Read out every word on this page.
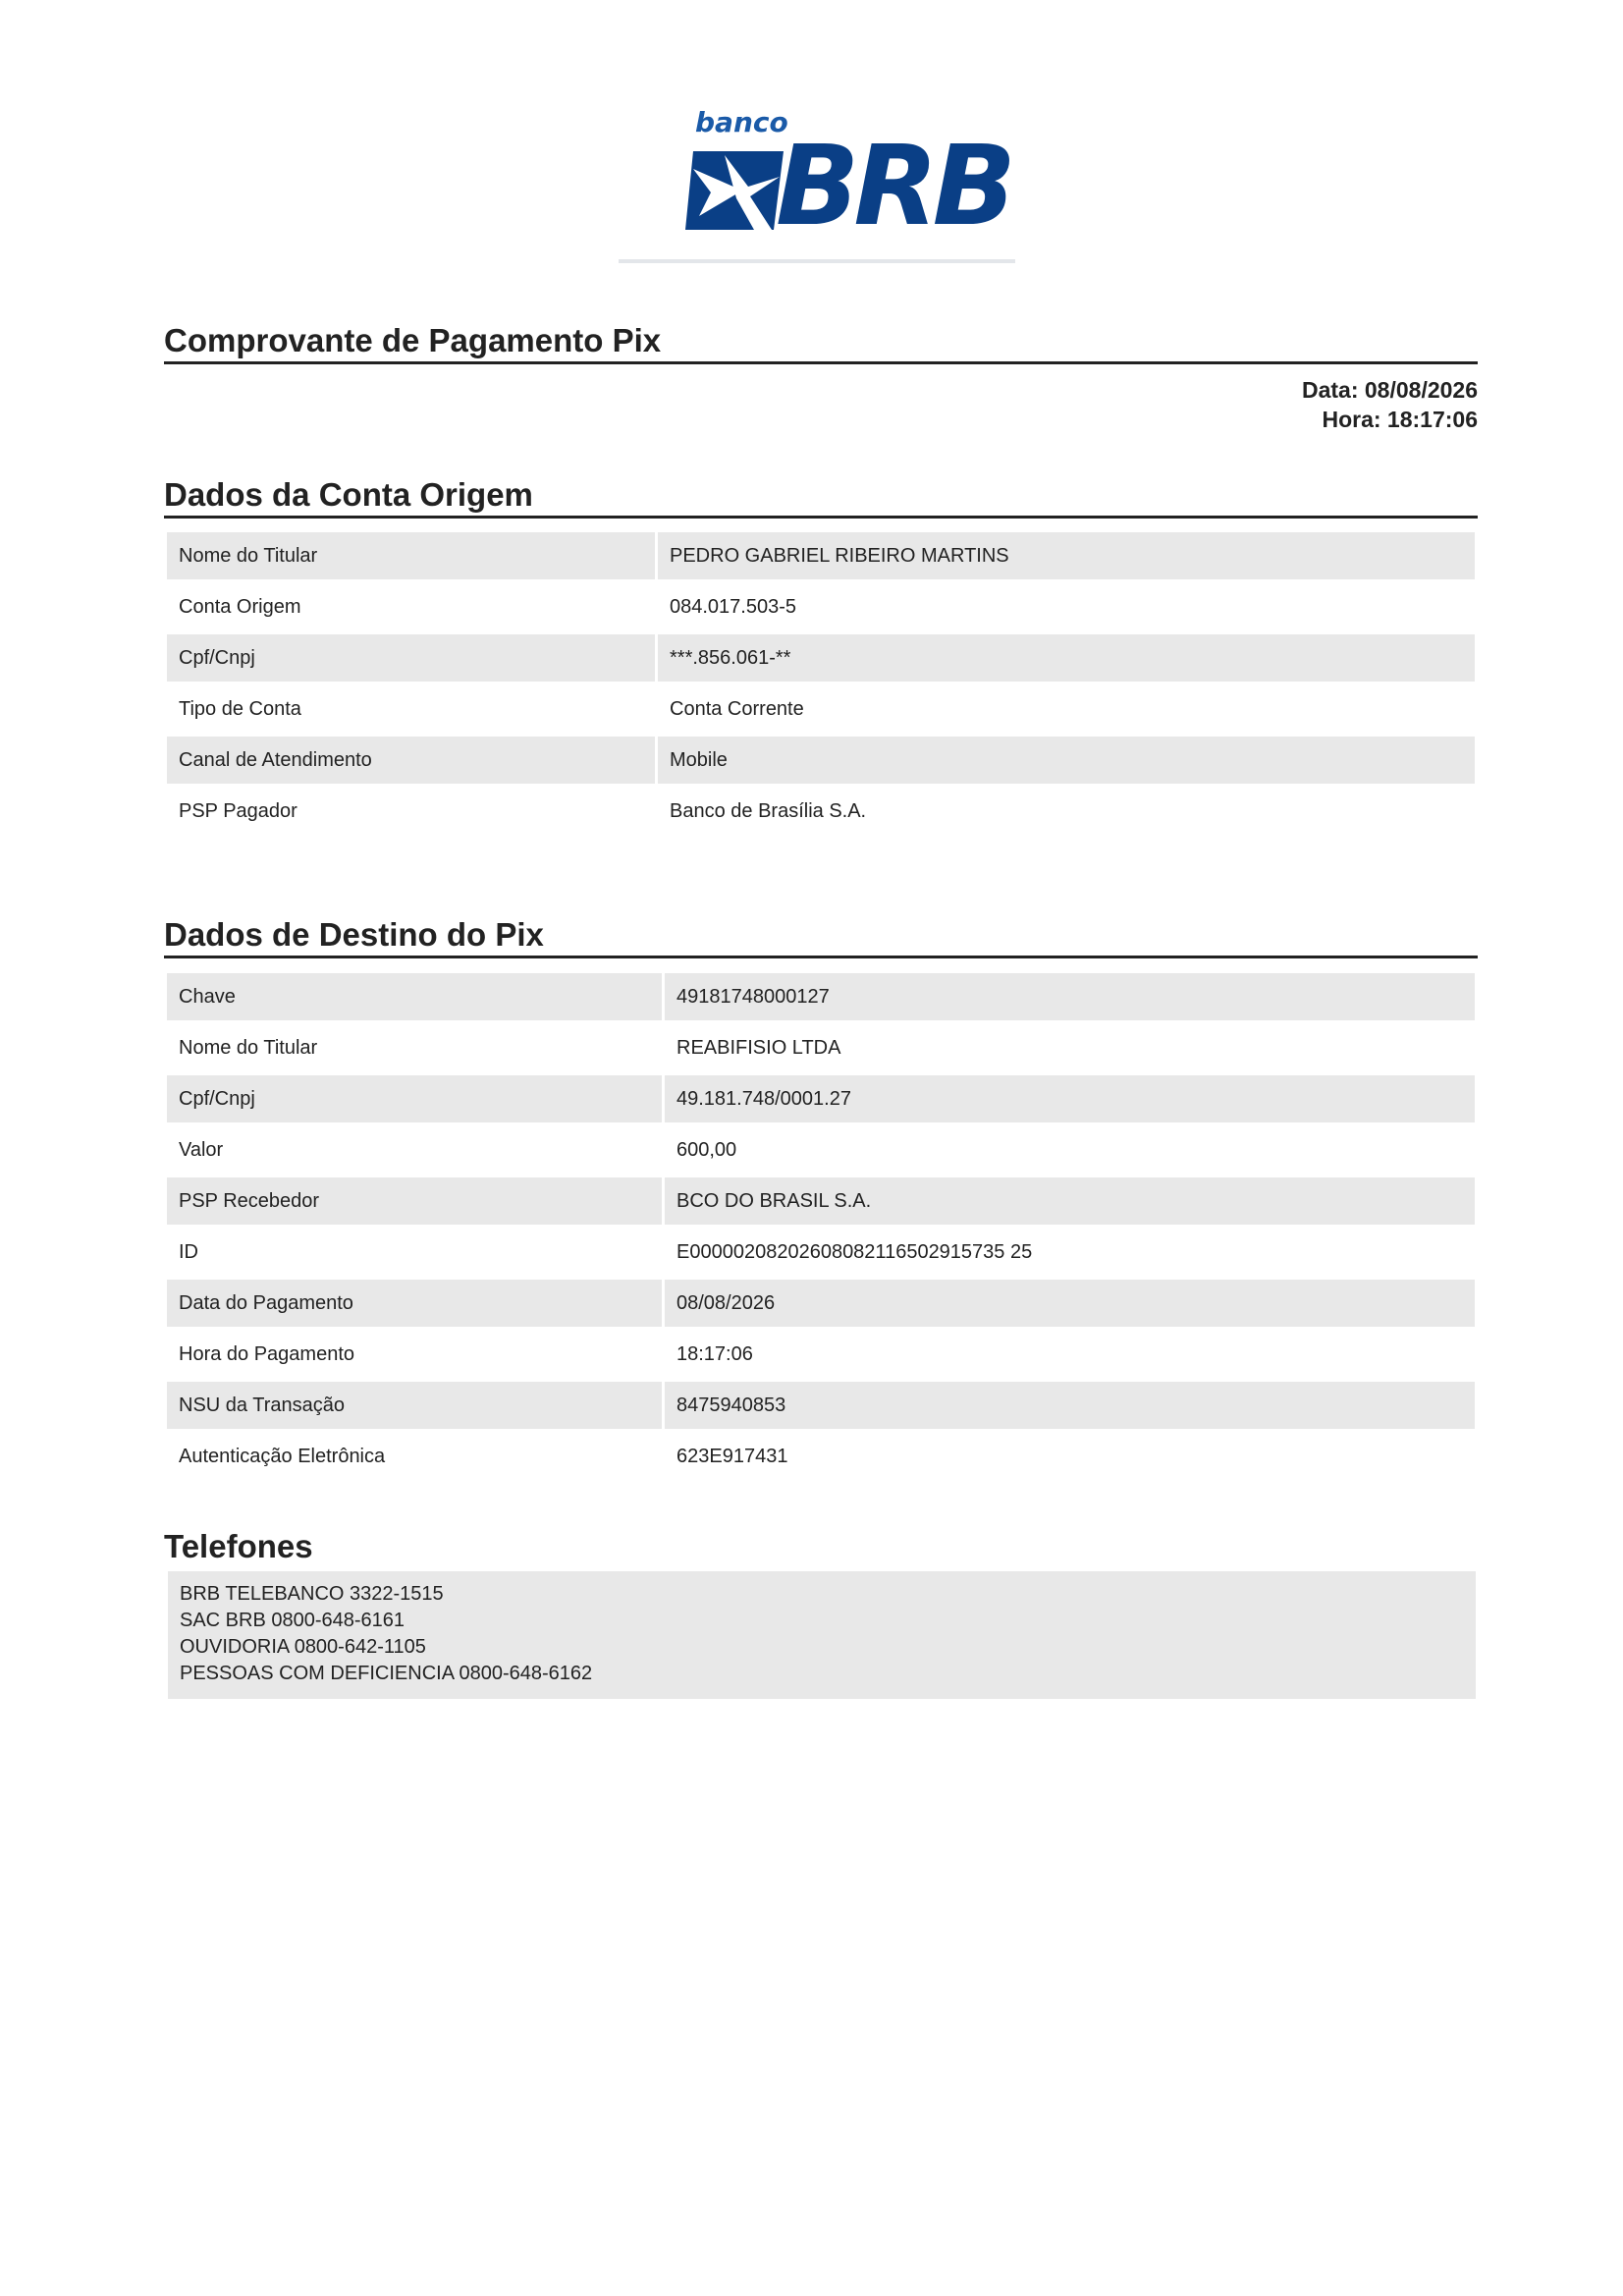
banco
BRB
Comprovante de Pagamento Pix
Data: 08/08/2026
Hora: 18:17:06
Dados da Conta Origem
Nome do Titular	PEDRO GABRIEL RIBEIRO MARTINS
Conta Origem	084.017.503-5
Cpf/Cnpj	***.856.061-**
Tipo de Conta	Conta Corrente
Canal de Atendimento	Mobile
PSP Pagador	Banco de Brasília S.A.
Dados de Destino do Pix
Chave	49181748000127
Nome do Titular	REABIFISIO LTDA
Cpf/Cnpj	49.181.748/0001.27
Valor	600,00
PSP Recebedor	BCO DO BRASIL S.A.
ID	E00000208202608082116502915735 25
Data do Pagamento	08/08/2026
Hora do Pagamento	18:17:06
NSU da Transação	8475940853
Autenticação Eletrônica	623E917431
Telefones
BRB TELEBANCO 3322-1515
SAC BRB 0800-648-6161
OUVIDORIA 0800-642-1105
PESSOAS COM DEFICIENCIA 0800-648-6162
